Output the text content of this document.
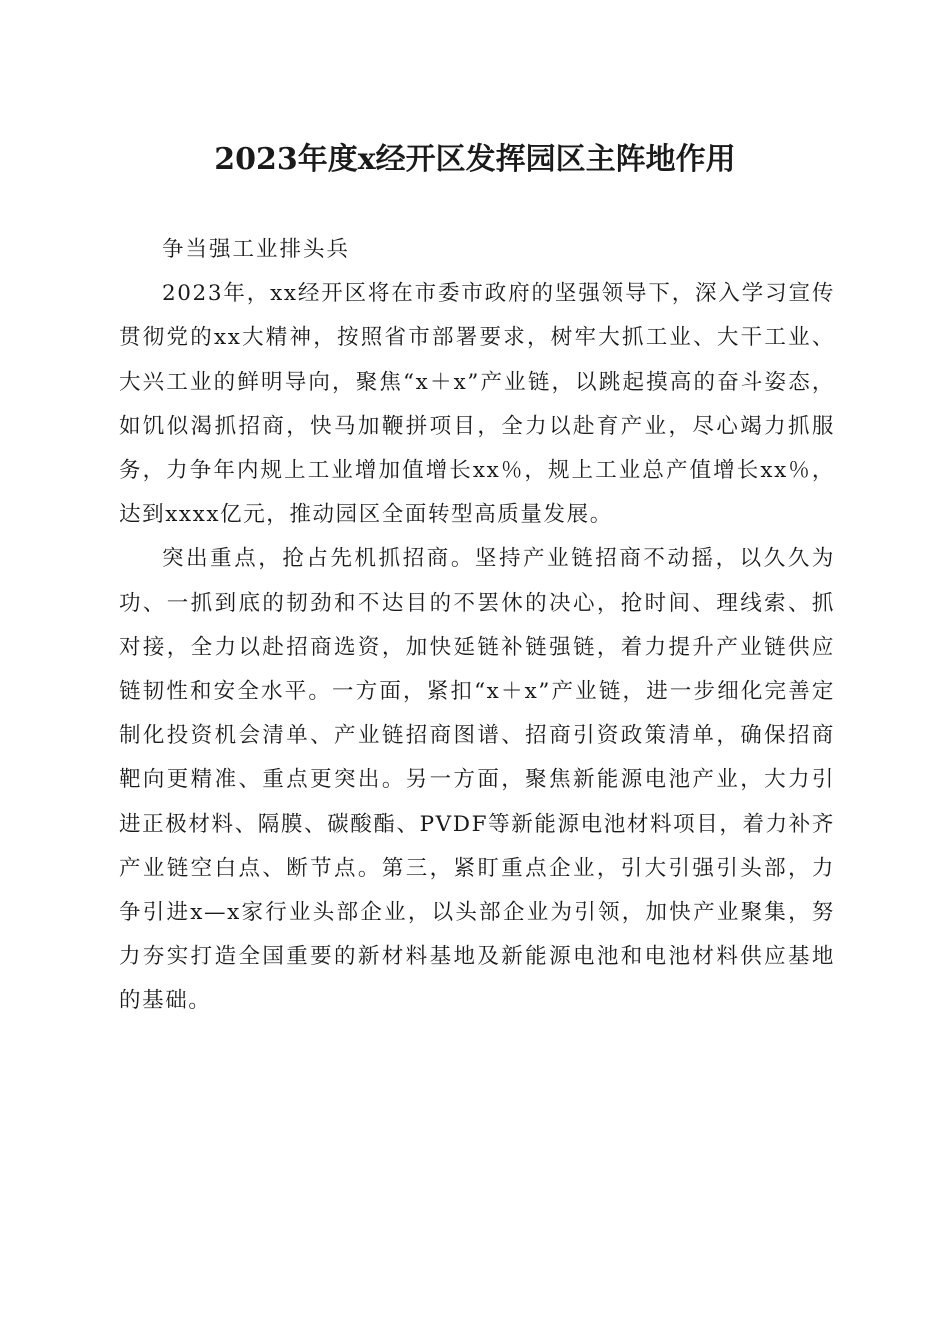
2023年度x经开区发挥园区主阵地作用

争当强工业排头兵

2023年，xx经开区将在市委市政府的坚强领导下，深入学习宣传贯彻党的xx大精神，按照省市部署要求，树牢大抓工业、大干工业、大兴工业的鲜明导向，聚焦“x＋x”产业链，以跳起摸高的奋斗姿态，如饥似渴抓招商，快马加鞭拼项目，全力以赴育产业，尽心竭力抓服务，力争年内规上工业增加值增长xx％，规上工业总产值增长xx％，达到xxxx亿元，推动园区全面转型高质量发展。

突出重点，抢占先机抓招商。坚持产业链招商不动摇，以久久为功、一抓到底的韧劲和不达目的不罢休的决心，抢时间、理线索、抓对接，全力以赴招商选资，加快延链补链强链，着力提升产业链供应链韧性和安全水平。一方面，紧扣“x＋x”产业链，进一步细化完善定制化投资机会清单、产业链招商图谱、招商引资政策清单，确保招商靶向更精准、重点更突出。另一方面，聚焦新能源电池产业，大力引进正极材料、隔膜、碳酸酯、PVDF等新能源电池材料项目，着力补齐产业链空白点、断节点。第三，紧盯重点企业，引大引强引头部，力争引进x—x家行业头部企业，以头部企业为引领，加快产业聚集，努力夯实打造全国重要的新材料基地及新能源电池和电池材料供应基地的基础。
